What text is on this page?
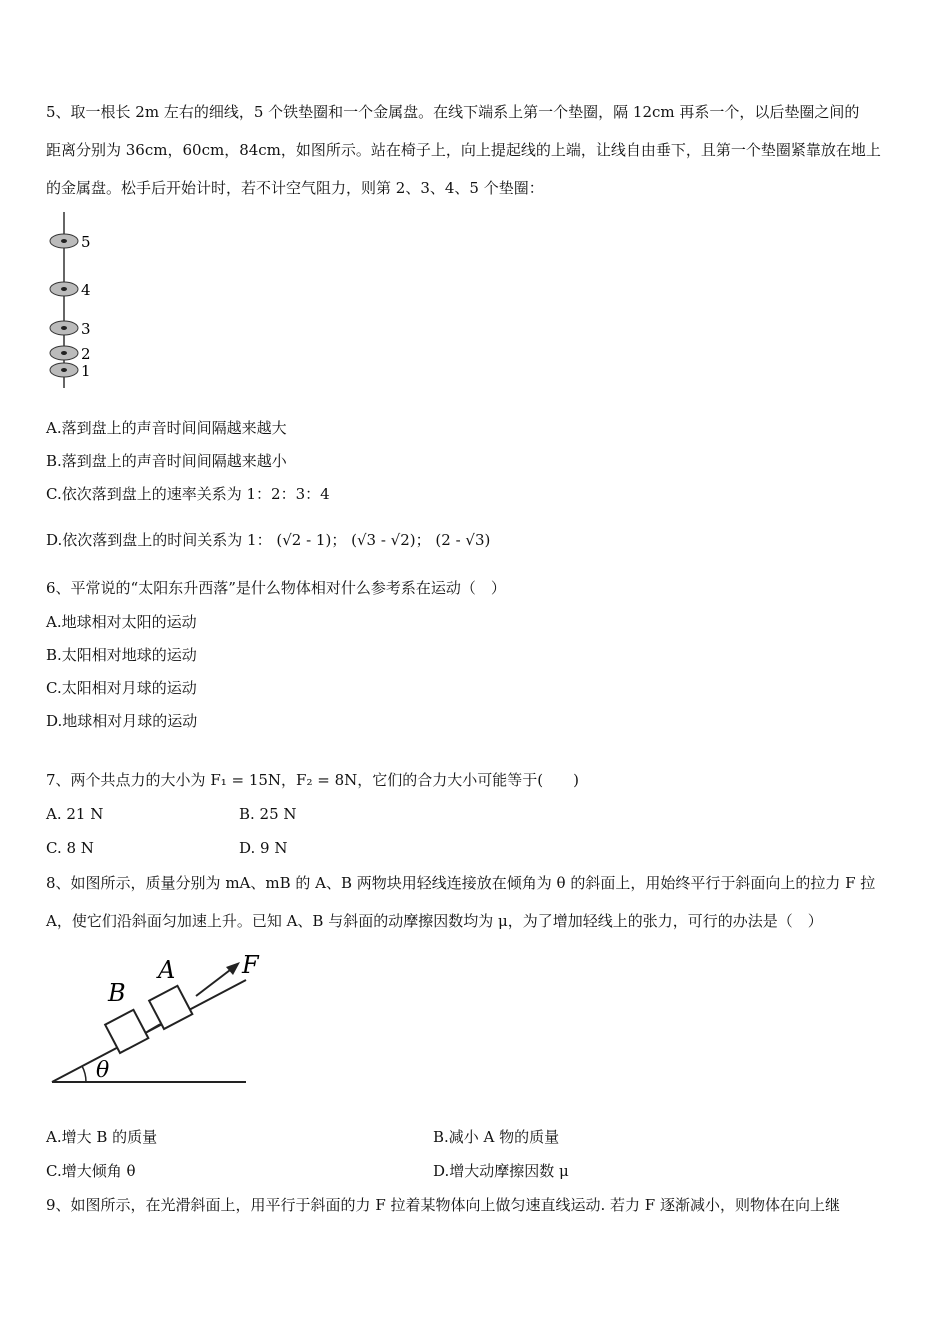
5、取一根长 2m 左右的细线，5 个铁垫圈和一个金属盘。在线下端系上第一个垫圈，隔 12cm 再系一个，以后垫圈之间的
距离分别为 36cm，60cm，84cm，如图所示。站在椅子上，向上提起线的上端，让线自由垂下，且第一个垫圈紧靠放在地上
的金属盘。松手后开始计时，若不计空气阻力，则第 2、3、4、5 个垫圈：
5
4
3
2
1
A.落到盘上的声音时间间隔越来越大
B.落到盘上的声音时间间隔越来越小
C.依次落到盘上的速率关系为 1：2：3：4
D.依次落到盘上的时间关系为 1： (√2 - 1)； (√3 - √2)； (2 - √3)
6、平常说的“太阳东升西落”是什么物体相对什么参考系在运动（　）
A.地球相对太阳的运动
B.太阳相对地球的运动
C.太阳相对月球的运动
D.地球相对月球的运动
7、两个共点力的大小为 F₁ = 15N，F₂ = 8N，它们的合力大小可能等于(　　)
A. 21 N	B. 25 N
C. 8 N	D. 9 N
8、如图所示，质量分别为 mA、mB 的 A、B 两物块用轻线连接放在倾角为 θ 的斜面上，用始终平行于斜面向上的拉力 F 拉
A，使它们沿斜面匀加速上升。已知 A、B 与斜面的动摩擦因数均为 μ，为了增加轻线上的张力，可行的办法是（　）
θ
A
B
F
A.增大 B 的质量	B.减小 A 物的质量
C.增大倾角 θ	D.增大动摩擦因数 μ
9、如图所示，在光滑斜面上，用平行于斜面的力 F 拉着某物体向上做匀速直线运动. 若力 F 逐渐减小，则物体在向上继
